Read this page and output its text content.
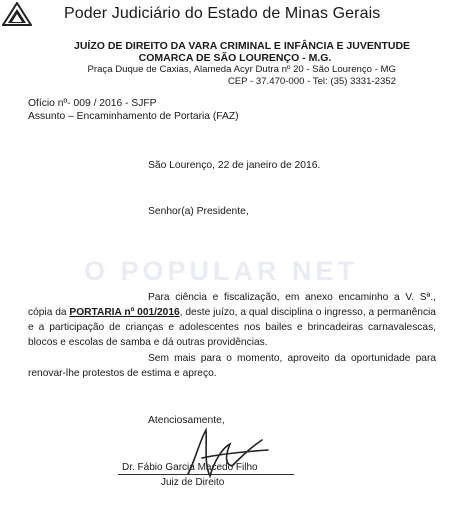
Poder Judiciário do Estado de Minas Gerais
JUÍZO DE DIREITO DA VARA CRIMINAL E INFÂNCIA E JUVENTUDE
COMARCA DE SÃO LOURENÇO - M.G.
Praça Duque de Caxias, Alameda Acyr Dutra nº 20 - São Lourenço - MG
CEP - 37.470-000 - Tel: (35) 3331-2352
Ofício nº- 009 / 2016 - SJFP
Assunto – Encaminhamento de Portaria (FAZ)
São Lourenço, 22 de janeiro de 2016.
Senhor(a) Presidente,
O POPULAR NET

Para ciência e fiscalização, em anexo encaminho a V. Sª., cópia da PORTARIA nº 001/2016, deste juízo, a qual disciplina o ingresso, a permanência e a participação de crianças e adolescentes nos bailes e brincadeiras carnavalescas, blocos e escolas de samba e dá outras providências.

Sem mais para o momento, aproveito da oportunidade para renovar-lhe protestos de estima e apreço.

Atenciosamente,
Dr. Fábio Garcia Macedo Filho
Juiz de Direito
